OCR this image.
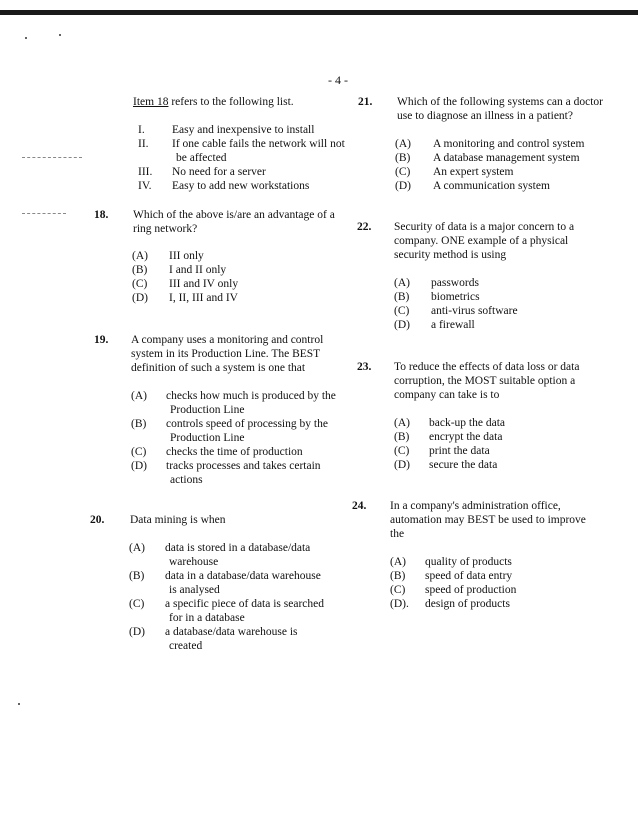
- 4 -
Item 18 refers to the following list.
I. Easy and inexpensive to install
II. If one cable fails the network will not
be affected
III. No need for a server
IV. Easy to add new workstations
18. Which of the above is/are an advantage of a
ring network?
(A) III only
(B) I and II only
(C) III and IV only
(D) I, II, III and IV
19. A company uses a monitoring and control
system in its Production Line. The BEST
definition of such a system is one that
(A) checks how much is produced by the
Production Line
(B) controls speed of processing by the
Production Line
(C) checks the time of production
(D) tracks processes and takes certain
actions
20. Data mining is when
(A) data is stored in a database/data
warehouse
(B) data in a database/data warehouse
is analysed
(C) a specific piece of data is searched
for in a database
(D) a database/data warehouse is
created
21. Which of the following systems can a doctor
use to diagnose an illness in a patient?
(A) A monitoring and control system
(B) A database management system
(C) An expert system
(D) A communication system
22. Security of data is a major concern to a
company. ONE example of a physical
security method is using
(A) passwords
(B) biometrics
(C) anti-virus software
(D) a firewall
23. To reduce the effects of data loss or data
corruption, the MOST suitable option a
company can take is to
(A) back-up the data
(B) encrypt the data
(C) print the data
(D) secure the data
24. In a company's administration office,
automation may BEST be used to improve
the
(A) quality of products
(B) speed of data entry
(C) speed of production
(D). design of products
